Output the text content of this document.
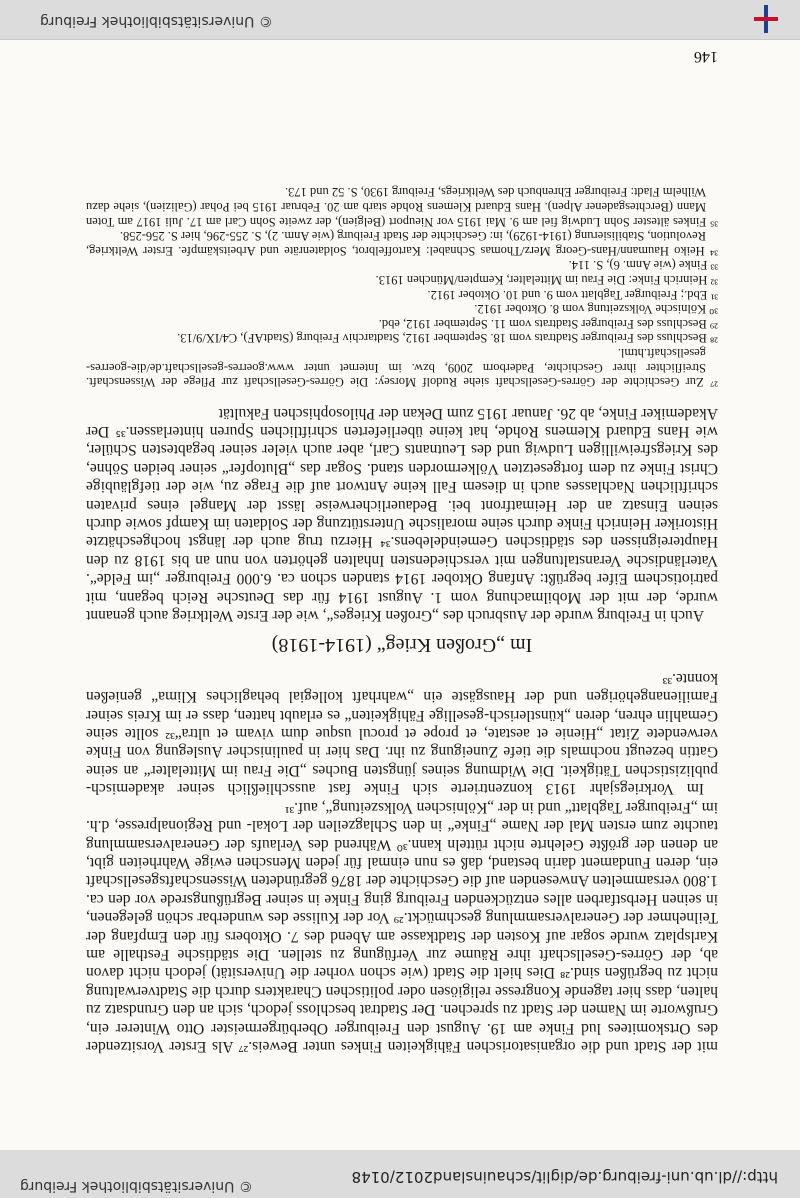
http://dl.ub.uni-freiburg.de/diglit/schauinsland2012/0148
© Universitätsbibliothek Freiburg

mit der Stadt und die organisatorischen Fähigkeiten Finkes unter Beweis.²⁷ Als Erster Vorsitzender des Ortskomitees lud Finke am 19. August den Freiburger Oberbürgermeister Otto Winterer ein, Grußworte im Namen der Stadt zu sprechen. Der Stadtrat beschloss jedoch, sich an den Grundsatz zu halten, dass hier tagende Kongresse religiösen oder politischen Charakters durch die Stadtverwaltung nicht zu begrüßen sind.²⁸ Dies hielt die Stadt (wie schon vorher die Universität) jedoch nicht davon ab, der Görres-Gesellschaft ihre Räume zur Verfügung zu stellen. Die städtische Festhalle am Karlsplatz wurde sogar auf Kosten der Stadtkasse am Abend des 7. Oktobers für den Empfang der Teilnehmer der Generalversammlung geschmückt.²⁹ Vor der Kulisse des wunderbar schön gelegenen, in seinen Herbstfarben alles entzückenden Freiburg ging Finke in seiner Begrüßungsrede vor den ca. 1.800 versammelten Anwesenden auf die Geschichte der 1876 gegründeten Wissenschaftsgesellschaft ein, deren Fundament darin bestand, daß es nun einmal für jeden Menschen ewige Wahrheiten gibt, an denen der größte Gelehrte nicht rütteln kann.³⁰ Während des Verlaufs der Generalversammlung tauchte zum ersten Mal der Name „Finke“ in den Schlagzeilen der Lokal- und Regionalpresse, d.h. im „Freiburger Tagblatt“ und in der „Kölnischen Volkszeitung“, auf.³¹

Im Vorkriegsjahr 1913 konzentrierte sich Finke fast ausschließlich seiner akademisch-publizistischen Tätigkeit. Die Widmung seines jüngsten Buches „Die Frau im Mittelalter“ an seine Gattin bezeugt nochmals die tiefe Zuneigung zu ihr. Das hier in paulinischer Auslegung von Finke verwendete Zitat „Hienie et aestate, et prope et procul usque dum vivam et ultra“³² sollte seine Gemahlin ehren, deren „künstlerisch-gesellige Fähigkeiten“ es erlaubt hatten, dass er im Kreis seiner Familienangehörigen und der Hausgäste ein „wahrhaft kollegial behagliches Klima“ genießen konnte.³³

Im „Großen Krieg“ (1914-1918)

Auch in Freiburg wurde der Ausbruch des „Großen Krieges“, wie der Erste Weltkrieg auch genannt wurde, der mit der Mobilmachung vom 1. August 1914 für das Deutsche Reich begann, mit patriotischem Eifer begrüßt: Anfang Oktober 1914 standen schon ca. 6.000 Freiburger „im Felde“. Vaterländische Veranstaltungen mit verschiedensten Inhalten gehörten von nun an bis 1918 zu den Hauptereignissen des städtischen Gemeindelebens.³⁴ Hierzu trug auch der längst hochgeschätzte Historiker Heinrich Finke durch seine moralische Unterstützung der Soldaten im Kampf sowie durch seinen Einsatz an der Heimatfront bei. Bedauerlicherweise lässt der Mangel eines privaten schriftlichen Nachlasses auch in diesem Fall keine Antwort auf die Frage zu, wie der tiefgläubige Christ Finke zu dem fortgesetzten Völkermorden stand. Sogar das „Blutopfer“ seiner beiden Söhne, des Kriegsfreiwilligen Ludwig und des Leutnants Carl, aber auch vieler seiner begabtesten Schüler, wie Hans Eduard Klemens Rohde, hat keine überlieferten schriftlichen Spuren hinterlassen.³⁵ Der Akademiker Finke, ab 26. Januar 1915 zum Dekan der Philosophischen Fakultät

²⁷ Zur Geschichte der Görres-Gesellschaft siehe Rudolf Morsey: Die Görres-Gesellschaft zur Pflege der Wissenschaft. Streiflichter ihrer Geschichte, Paderborn 2009, bzw. im Internet unter www.goerres-gesellschaft.de/die-goerres-gesellschaft.html.
²⁸ Beschluss des Freiburger Stadtrats vom 18. September 1912, Stadtarchiv Freiburg (StadtAF), C4/IX/9/13.
²⁹ Beschluss des Freiburger Stadtrats vom 11. September 1912, ebd.
³⁰ Kölnische Volkszeitung vom 8. Oktober 1912.
³¹ Ebd.; Freiburger Tagblatt vom 9. und 10. Oktober 1912.
³² Heinrich Finke: Die Frau im Mittelalter, Kempten/München 1913.
³³ Finke (wie Anm. 6), S. 114.
³⁴ Heiko Haumann/Hans-Georg Merz/Thomas Schnabel: Kartoffelbrot, Soldatenräte und Arbeitskämpfe. Erster Weltkrieg, Revolution, Stabilisierung (1914-1929), in: Geschichte der Stadt Freiburg (wie Anm. 2), S. 255-296, hier S. 256-258.
³⁵ Finkes ältester Sohn Ludwig fiel am 9. Mai 1915 vor Nieuport (Belgien), der zweite Sohn Carl am 17. Juli 1917 am Toten Mann (Berchtesgadener Alpen). Hans Eduard Klemens Rohde starb am 20. Februar 1915 bei Pohar (Galizien), siehe dazu Wilhelm Fladt: Freiburger Ehrenbuch des Weltkriegs, Freiburg 1930, S. 52 und 173.
146
© Universitätsbibliothek Freiburg
